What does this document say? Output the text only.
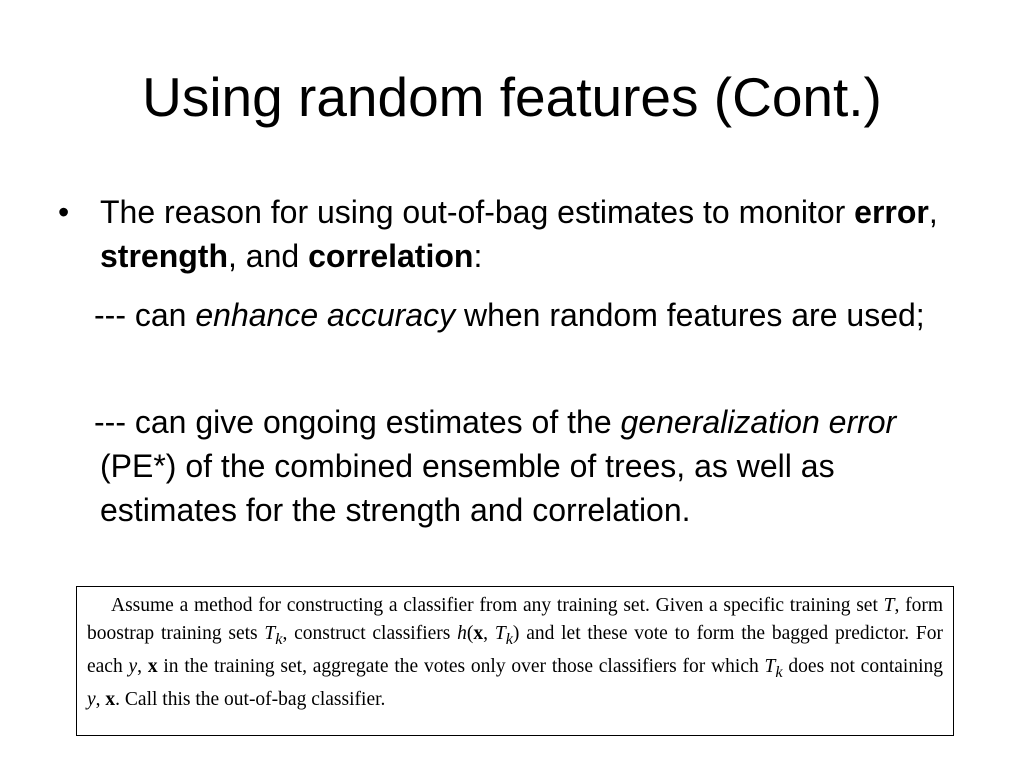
Using random features (Cont.)
• The reason for using out-of-bag estimates to monitor error, strength, and correlation:
--- can enhance accuracy when random features are used;
--- can give ongoing estimates of the generalization error (PE*) of the combined ensemble of trees, as well as estimates for the strength and correlation.
Assume a method for constructing a classifier from any training set. Given a specific training set T, form boostrap training sets $T_k$, construct classifiers h(x, $T_k$) and let these vote to form the bagged predictor. For each y, x in the training set, aggregate the votes only over those classifiers for which $T_k$ does not containing y, x. Call this the out-of-bag classifier.
